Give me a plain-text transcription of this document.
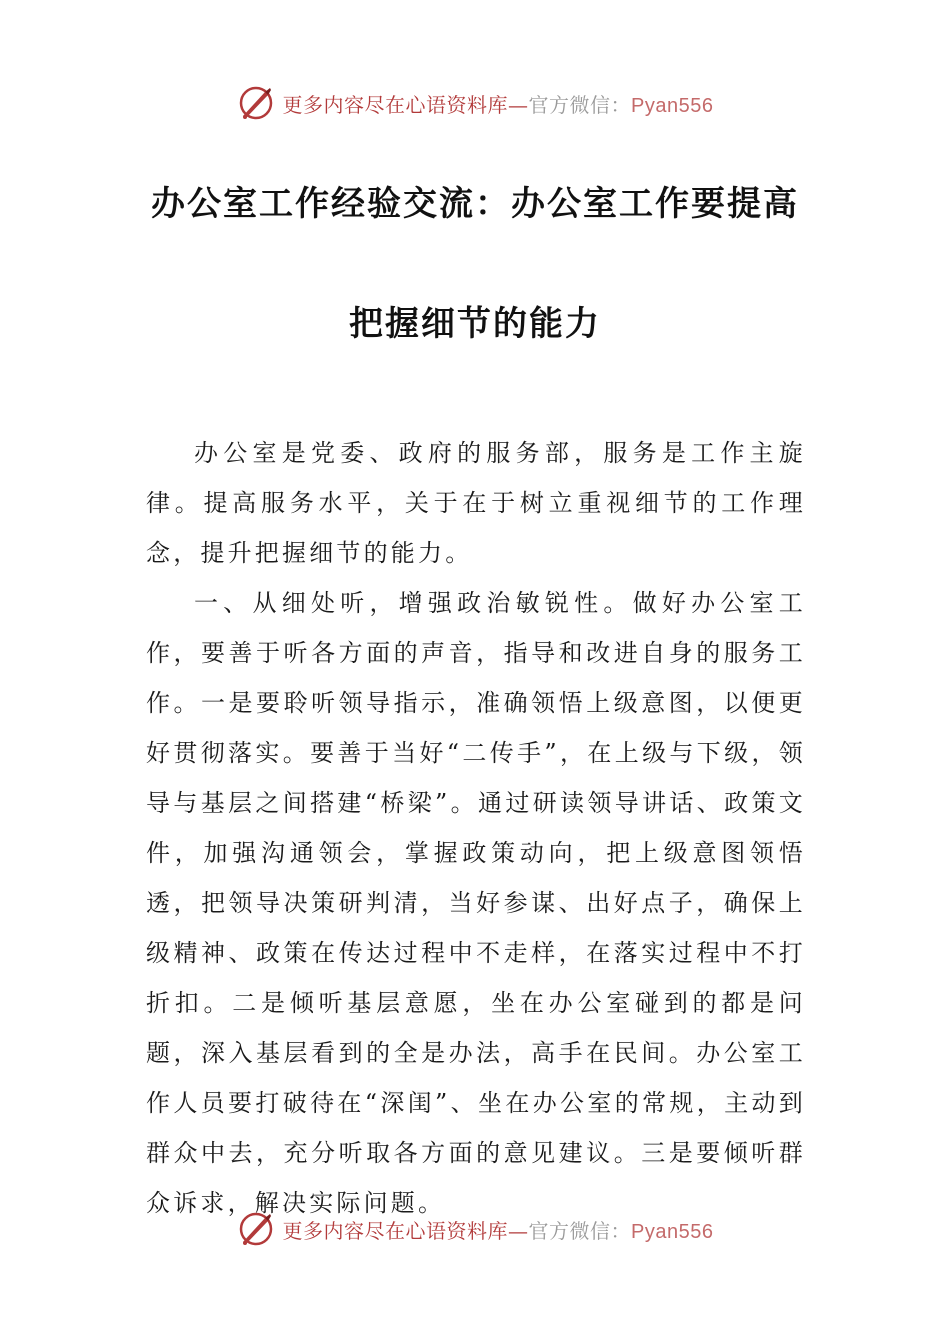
更多内容尽在心语资料库—官方微信：Pyan556
办公室工作经验交流：办公室工作要提高
把握细节的能力

办公室是党委、政府的服务部，服务是工作主旋律。提高服务水平，关于在于树立重视细节的工作理念，提升把握细节的能力。

一、从细处听，增强政治敏锐性。做好办公室工作，要善于听各方面的声音，指导和改进自身的服务工作。一是要聆听领导指示，准确领悟上级意图，以便更好贯彻落实。要善于当好“二传手”，在上级与下级，领导与基层之间搭建“桥梁”。通过研读领导讲话、政策文件，加强沟通领会，掌握政策动向，把上级意图领悟透，把领导决策研判清，当好参谋、出好点子，确保上级精神、政策在传达过程中不走样，在落实过程中不打折扣。二是倾听基层意愿，坐在办公室碰到的都是问题，深入基层看到的全是办法，高手在民间。办公室工作人员要打破待在“深闺”、坐在办公室的常规，主动到群众中去，充分听取各方面的意见建议。三是要倾听群众诉求，解决实际问题。

更多内容尽在心语资料库—官方微信：Pyan556
